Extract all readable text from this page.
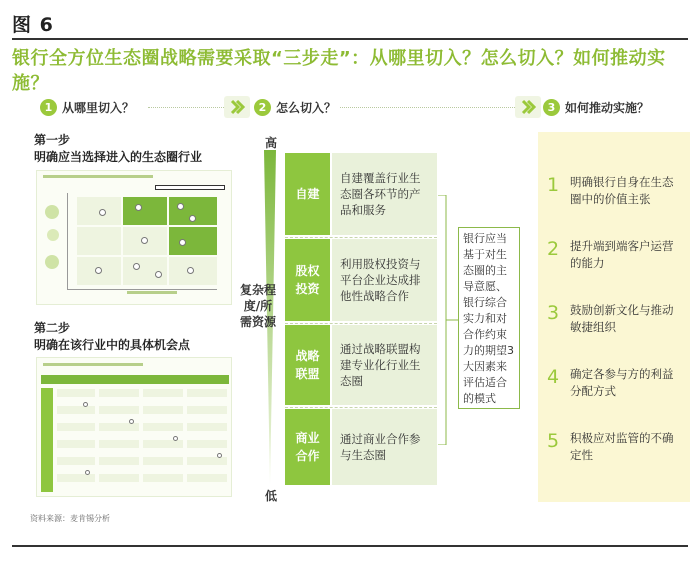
图 6
银行全方位生态圈战略需要采取“三步走”：从哪里切入？怎么切入？如何推动实施？
1 从哪里切入？	2 怎么切入？	3 如何推动实施？
第一步
明确应当选择进入的生态圈行业
第二步
明确在该行业中的具体机会点
高
低
复杂程度/所需资源
自建
自建覆盖行业生态圈各环节的产品和服务
股权投资
利用股权投资与平台企业达成排他性战略合作
战略联盟
通过战略联盟构建专业化行业生态圈
商业合作
通过商业合作参与生态圈
银行应当基于对生态圈的主导意愿、银行综合实力和对合作约束力的期望3大因素来评估适合的模式
1 明确银行自身在生态圈中的价值主张
2 提升端到端客户运营的能力
3 鼓励创新文化与推动敏捷组织
4 确定各参与方的利益分配方式
5 积极应对监管的不确定性
资料来源：麦肯锡分析
